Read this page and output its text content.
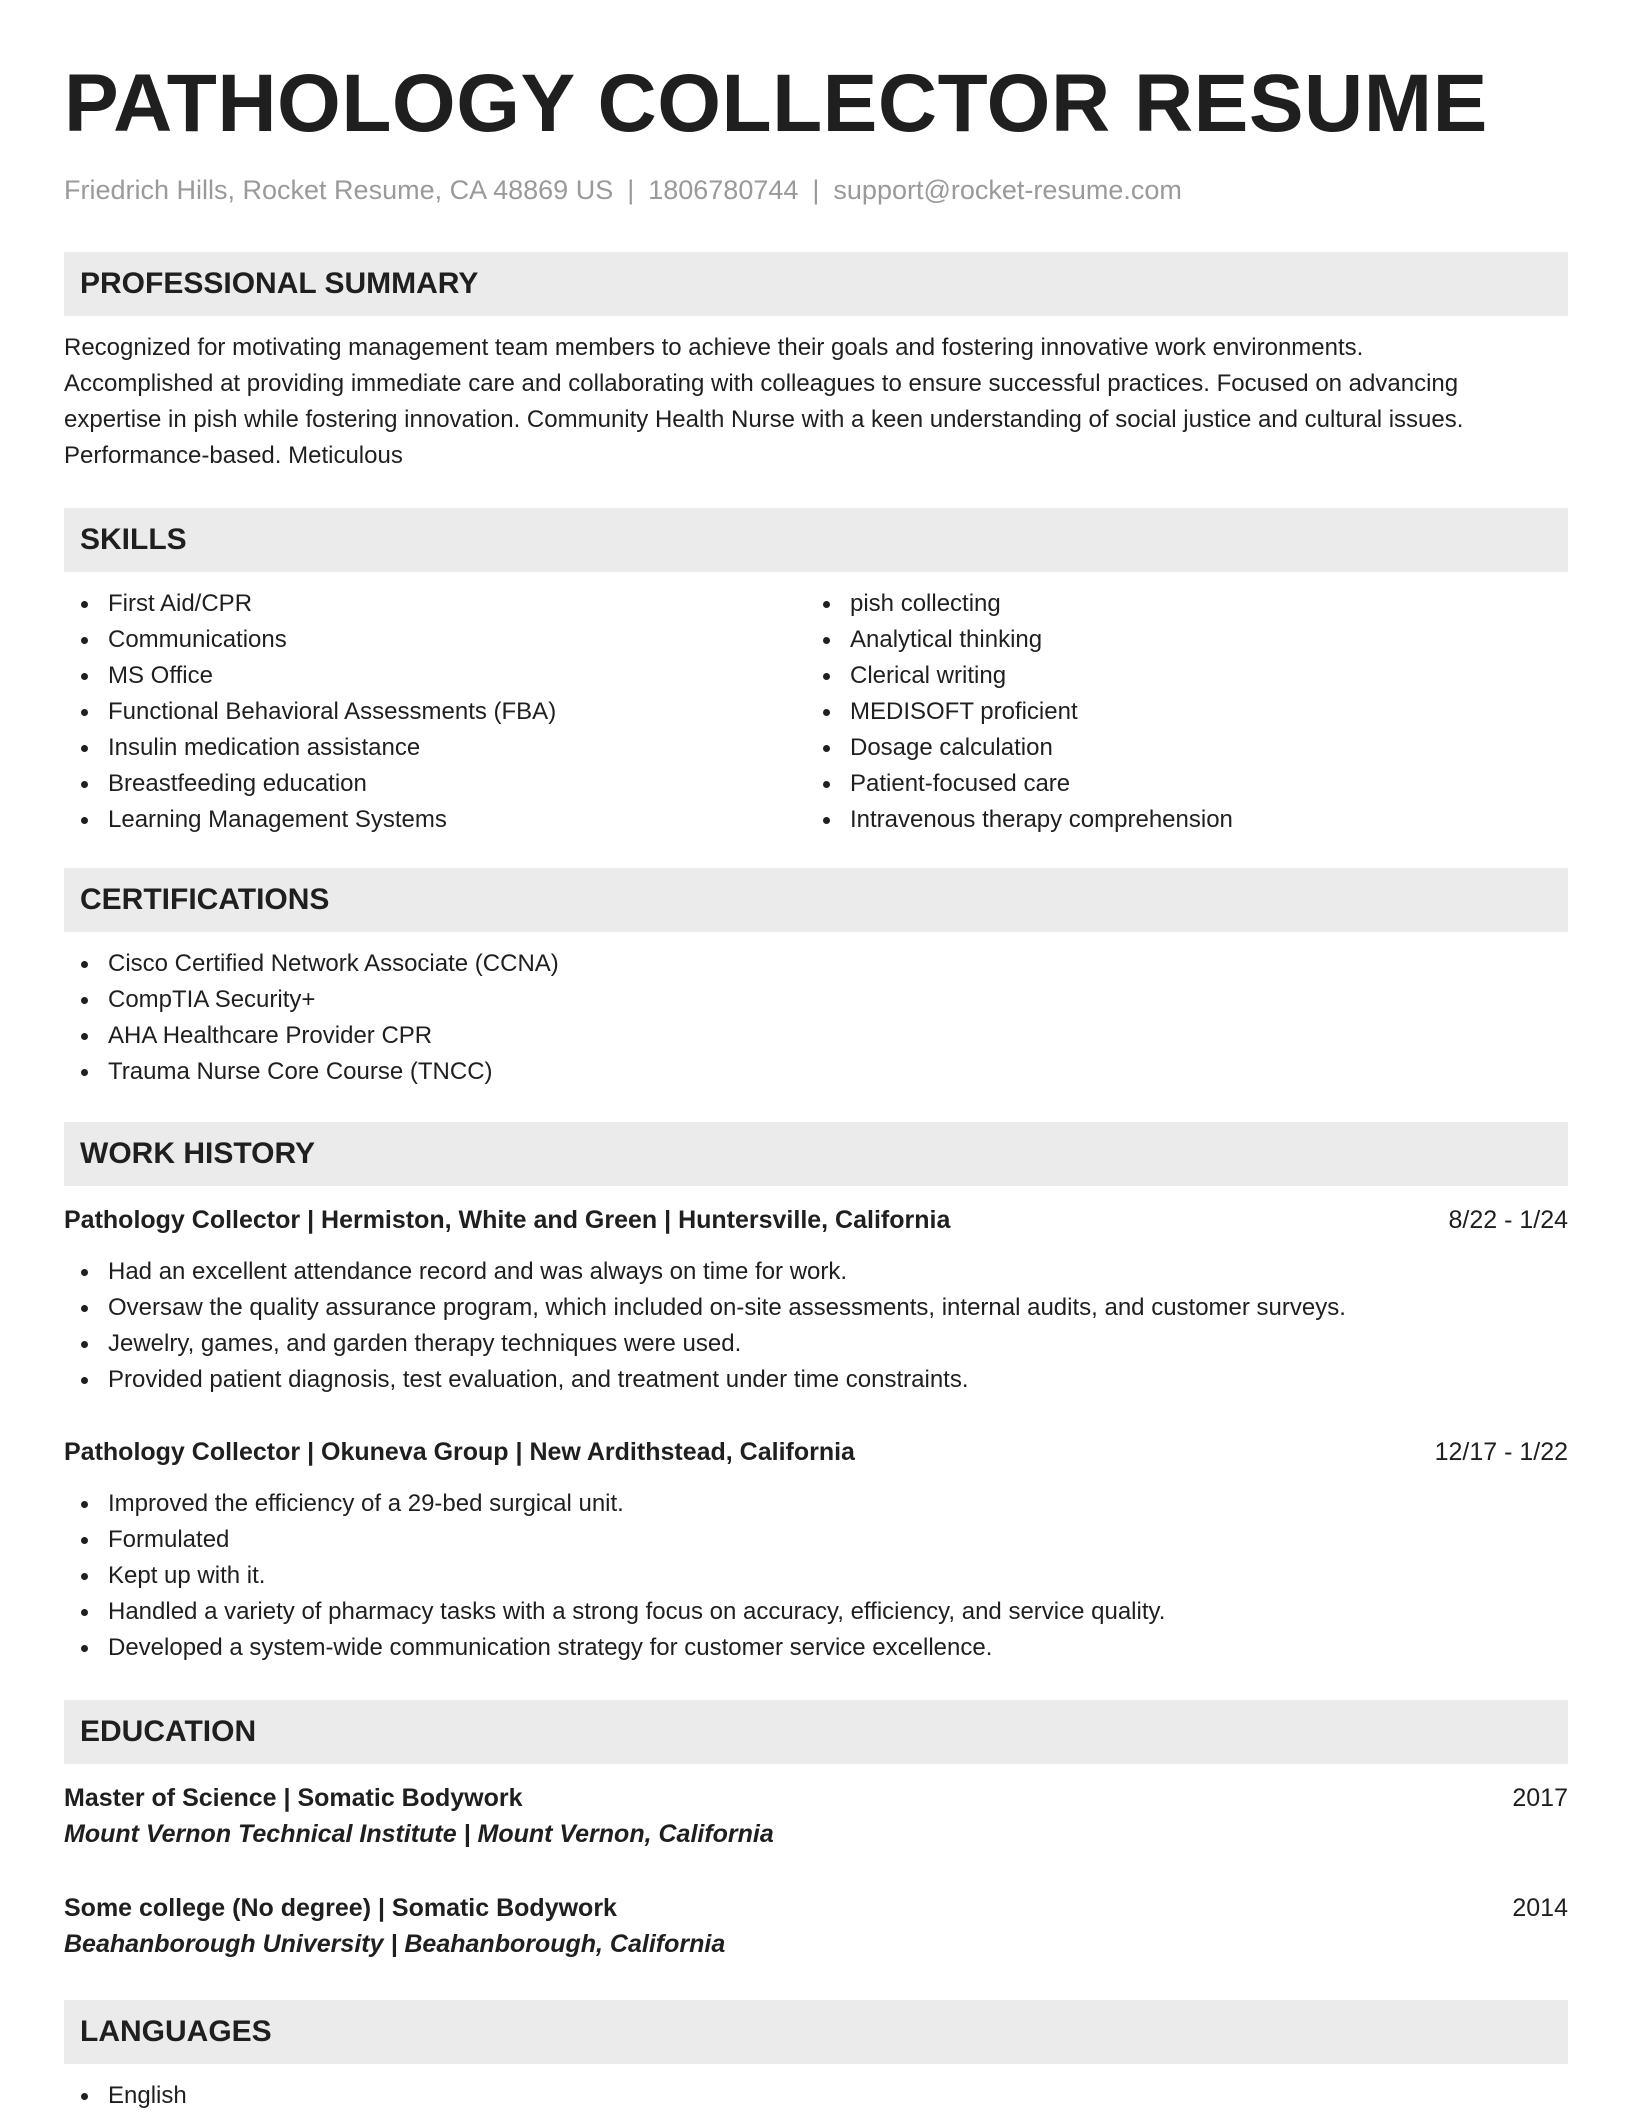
PATHOLOGY COLLECTOR RESUME
Friedrich Hills, Rocket Resume, CA 48869 US | 1806780744 | support@rocket-resume.com
PROFESSIONAL SUMMARY
Recognized for motivating management team members to achieve their goals and fostering innovative work environments.
Accomplished at providing immediate care and collaborating with colleagues to ensure successful practices. Focused on advancing
expertise in pish while fostering innovation. Community Health Nurse with a keen understanding of social justice and cultural issues.
Performance-based. Meticulous
SKILLS
First Aid/CPR
Communications
MS Office
Functional Behavioral Assessments (FBA)
Insulin medication assistance
Breastfeeding education
Learning Management Systems
pish collecting
Analytical thinking
Clerical writing
MEDISOFT proficient
Dosage calculation
Patient-focused care
Intravenous therapy comprehension
CERTIFICATIONS
Cisco Certified Network Associate (CCNA)
CompTIA Security+
AHA Healthcare Provider CPR
Trauma Nurse Core Course (TNCC)
WORK HISTORY
Pathology Collector | Hermiston, White and Green | Huntersville, California	8/22 - 1/24
Had an excellent attendance record and was always on time for work.
Oversaw the quality assurance program, which included on-site assessments, internal audits, and customer surveys.
Jewelry, games, and garden therapy techniques were used.
Provided patient diagnosis, test evaluation, and treatment under time constraints.
Pathology Collector | Okuneva Group | New Ardithstead, California	12/17 - 1/22
Improved the efficiency of a 29-bed surgical unit.
Formulated
Kept up with it.
Handled a variety of pharmacy tasks with a strong focus on accuracy, efficiency, and service quality.
Developed a system-wide communication strategy for customer service excellence.
EDUCATION
Master of Science | Somatic Bodywork	2017
Mount Vernon Technical Institute | Mount Vernon, California
Some college (No degree) | Somatic Bodywork	2014
Beahanborough University | Beahanborough, California
LANGUAGES
English
